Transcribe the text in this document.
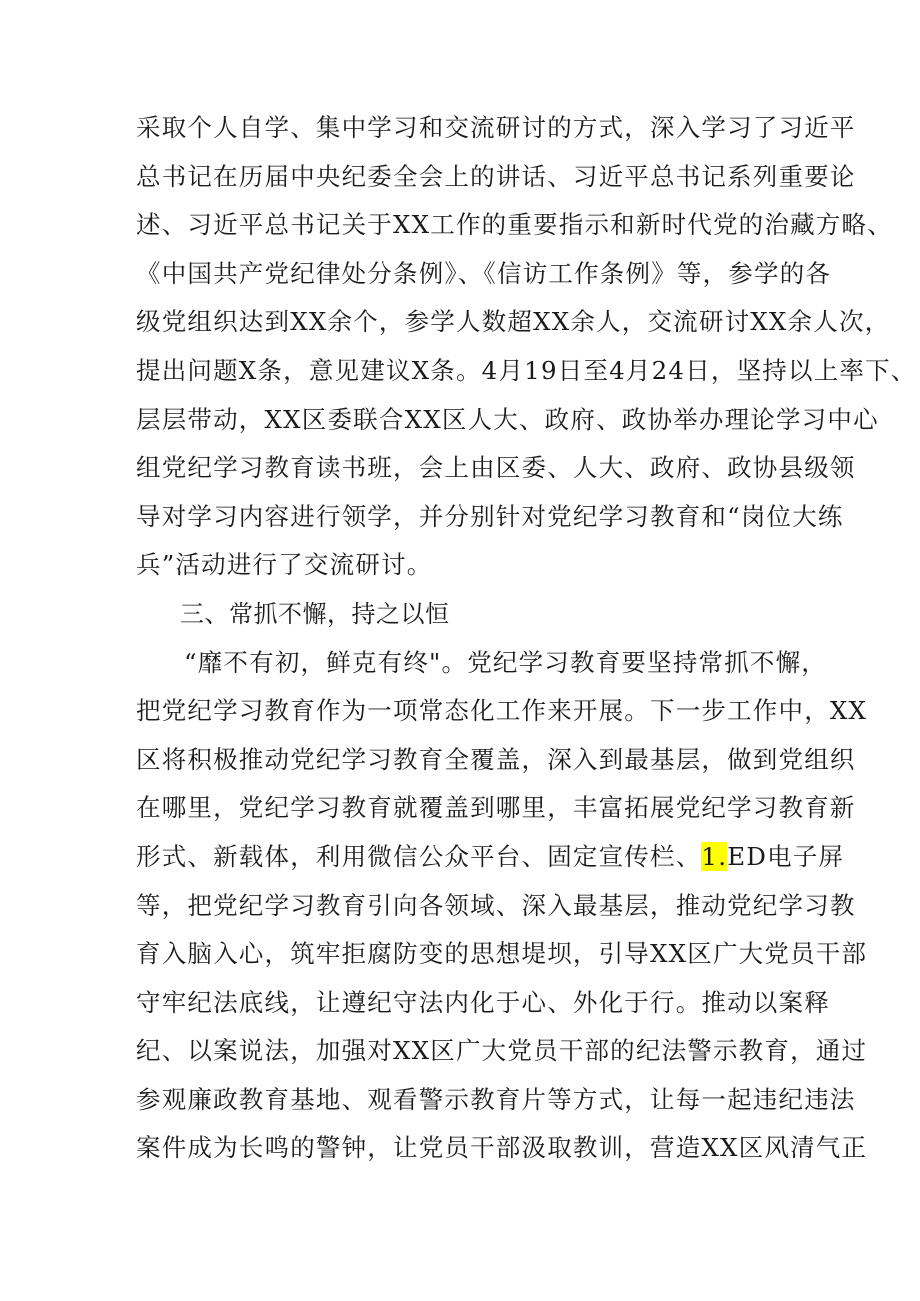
采取个人自学、集中学习和交流研讨的方式，深入学习了习近平
总书记在历届中央纪委全会上的讲话、习近平总书记系列重要论
述、习近平总书记关于XX工作的重要指示和新时代党的治藏方略、
《中国共产党纪律处分条例》、《信访工作条例》等，参学的各
级党组织达到XX余个，参学人数超XX余人，交流研讨XX余人次，
提出问题X条，意见建议X条。4月19日至4月24日，坚持以上率下、
层层带动，XX区委联合XX区人大、政府、政协举办理论学习中心
组党纪学习教育读书班，会上由区委、人大、政府、政协县级领
导对学习内容进行领学，并分别针对党纪学习教育和“岗位大练
兵”活动进行了交流研讨。
三、常抓不懈，持之以恒
“靡不有初，鲜克有终"。党纪学习教育要坚持常抓不懈，
把党纪学习教育作为一项常态化工作来开展。下一步工作中，XX
区将积极推动党纪学习教育全覆盖，深入到最基层，做到党组织
在哪里，党纪学习教育就覆盖到哪里，丰富拓展党纪学习教育新
形式、新载体，利用微信公众平台、固定宣传栏、1.ED电子屏
等，把党纪学习教育引向各领域、深入最基层，推动党纪学习教
育入脑入心，筑牢拒腐防变的思想堤坝，引导XX区广大党员干部
守牢纪法底线，让遵纪守法内化于心、外化于行。推动以案释
纪、以案说法，加强对XX区广大党员干部的纪法警示教育，通过
参观廉政教育基地、观看警示教育片等方式，让每一起违纪违法
案件成为长鸣的警钟，让党员干部汲取教训，营造XX区风清气正
